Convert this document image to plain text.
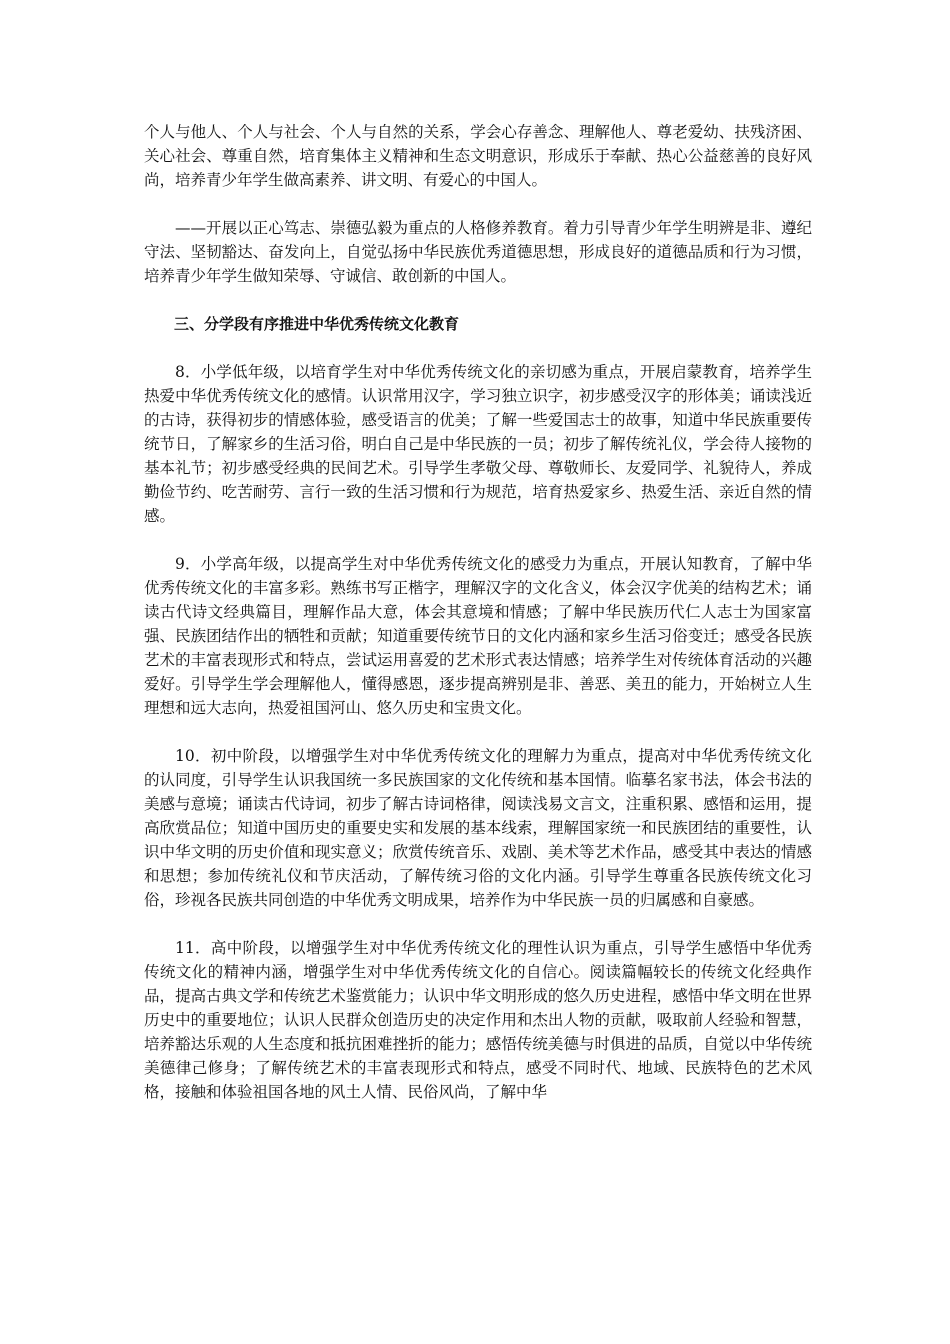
个人与他人、个人与社会、个人与自然的关系，学会心存善念、理解他人、尊老爱幼、扶残济困、关心社会、尊重自然，培育集体主义精神和生态文明意识，形成乐于奉献、热心公益慈善的良好风尚，培养青少年学生做高素养、讲文明、有爱心的中国人。

——开展以正心笃志、崇德弘毅为重点的人格修养教育。着力引导青少年学生明辨是非、遵纪守法、坚韧豁达、奋发向上，自觉弘扬中华民族优秀道德思想，形成良好的道德品质和行为习惯，培养青少年学生做知荣辱、守诚信、敢创新的中国人。

三、分学段有序推进中华优秀传统文化教育

8．小学低年级，以培育学生对中华优秀传统文化的亲切感为重点，开展启蒙教育，培养学生热爱中华优秀传统文化的感情。认识常用汉字，学习独立识字，初步感受汉字的形体美；诵读浅近的古诗，获得初步的情感体验，感受语言的优美；了解一些爱国志士的故事，知道中华民族重要传统节日，了解家乡的生活习俗，明白自己是中华民族的一员；初步了解传统礼仪，学会待人接物的基本礼节；初步感受经典的民间艺术。引导学生孝敬父母、尊敬师长、友爱同学、礼貌待人，养成勤俭节约、吃苦耐劳、言行一致的生活习惯和行为规范，培育热爱家乡、热爱生活、亲近自然的情感。

9．小学高年级，以提高学生对中华优秀传统文化的感受力为重点，开展认知教育，了解中华优秀传统文化的丰富多彩。熟练书写正楷字，理解汉字的文化含义，体会汉字优美的结构艺术；诵读古代诗文经典篇目，理解作品大意，体会其意境和情感；了解中华民族历代仁人志士为国家富强、民族团结作出的牺牲和贡献；知道重要传统节日的文化内涵和家乡生活习俗变迁；感受各民族艺术的丰富表现形式和特点，尝试运用喜爱的艺术形式表达情感；培养学生对传统体育活动的兴趣爱好。引导学生学会理解他人，懂得感恩，逐步提高辨别是非、善恶、美丑的能力，开始树立人生理想和远大志向，热爱祖国河山、悠久历史和宝贵文化。

10．初中阶段，以增强学生对中华优秀传统文化的理解力为重点，提高对中华优秀传统文化的认同度，引导学生认识我国统一多民族国家的文化传统和基本国情。临摹名家书法，体会书法的美感与意境；诵读古代诗词，初步了解古诗词格律，阅读浅易文言文，注重积累、感悟和运用，提高欣赏品位；知道中国历史的重要史实和发展的基本线索，理解国家统一和民族团结的重要性，认识中华文明的历史价值和现实意义；欣赏传统音乐、戏剧、美术等艺术作品，感受其中表达的情感和思想；参加传统礼仪和节庆活动，了解传统习俗的文化内涵。引导学生尊重各民族传统文化习俗，珍视各民族共同创造的中华优秀文明成果，培养作为中华民族一员的归属感和自豪感。

11．高中阶段，以增强学生对中华优秀传统文化的理性认识为重点，引导学生感悟中华优秀传统文化的精神内涵，增强学生对中华优秀传统文化的自信心。阅读篇幅较长的传统文化经典作品，提高古典文学和传统艺术鉴赏能力；认识中华文明形成的悠久历史进程，感悟中华文明在世界历史中的重要地位；认识人民群众创造历史的决定作用和杰出人物的贡献，吸取前人经验和智慧，培养豁达乐观的人生态度和抵抗困难挫折的能力；感悟传统美德与时俱进的品质，自觉以中华传统美德律己修身；了解传统艺术的丰富表现形式和特点，感受不同时代、地域、民族特色的艺术风格，接触和体验祖国各地的风土人情、民俗风尚，了解中华
